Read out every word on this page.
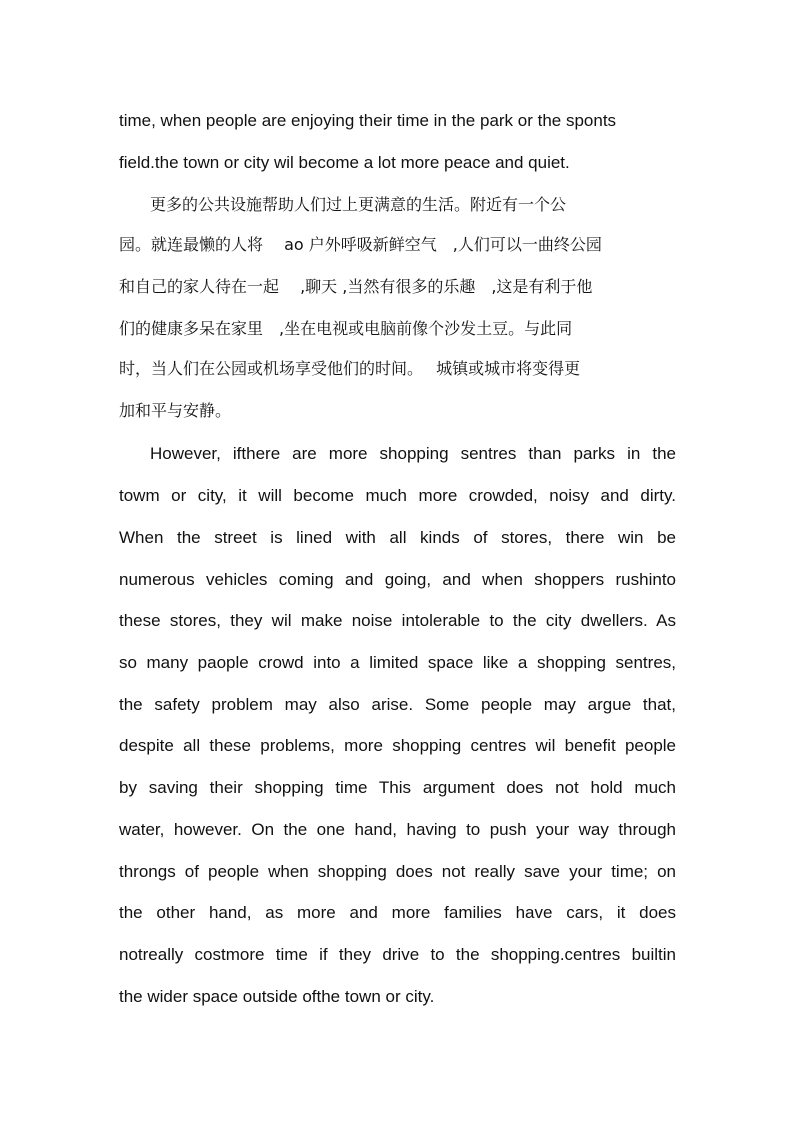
time, when people are enjoying their time in the park or the sponts
field.the town or city wil become a lot more peace and quiet.
更多的公共设施帮助人们过上更满意的生活。附近有一个公
园。就连最懒的人将　 ao 户外呼吸新鲜空气　,人们可以一曲终公园
和自己的家人待在一起　 ,聊天 ,当然有很多的乐趣　,这是有利于他
们的健康多呆在家里　,坐在电视或电脑前像个沙发土豆。与此同
时，当人们在公园或机场享受他们的时间。　 城镇或城市将变得更
加和平与安静。
However, ifthere are more shopping sentres than parks in the
towm or city, it will become much more crowded, noisy and dirty.
When the street is lined with all kinds of stores, there win be
numerous vehicles coming and going, and when shoppers rushinto
these stores, they wil make noise intolerable to the city dwellers. As
so many paople crowd into a limited space like a shopping sentres,
the safety problem may also arise. Some people may argue that,
despite all these problems, more shopping centres wil benefit people
by saving their shopping time This argument does not hold much
water, however. On the one hand, having to push your way through
throngs of people when shopping does not really save your time; on
the other hand, as more and more families have cars, it does
notreally costmore time if they drive to the shopping.centres builtin
the wider space outside ofthe town or city.
